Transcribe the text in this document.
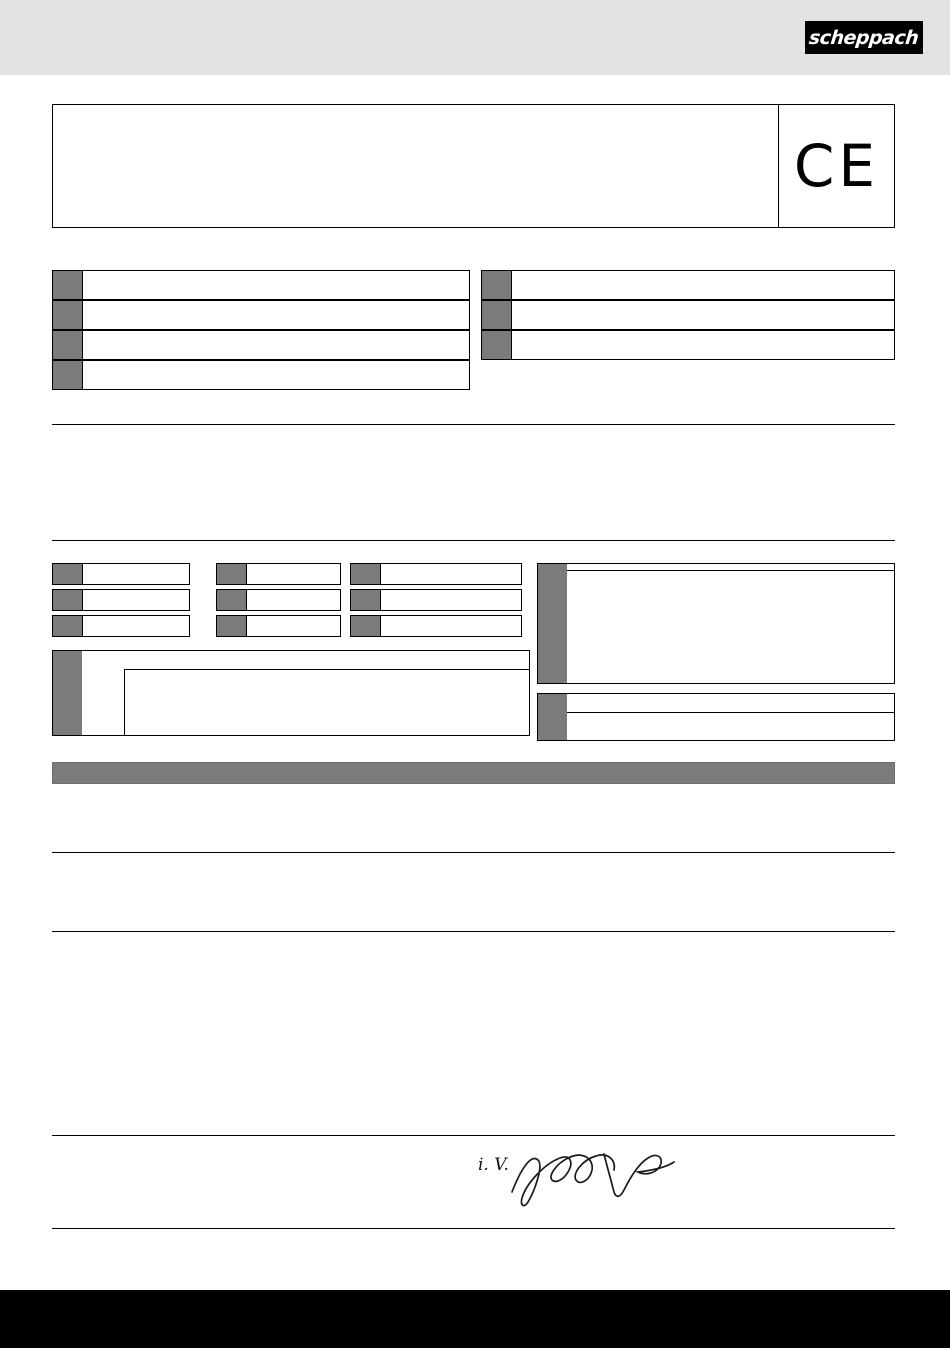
scheppach
CE
i. V.
